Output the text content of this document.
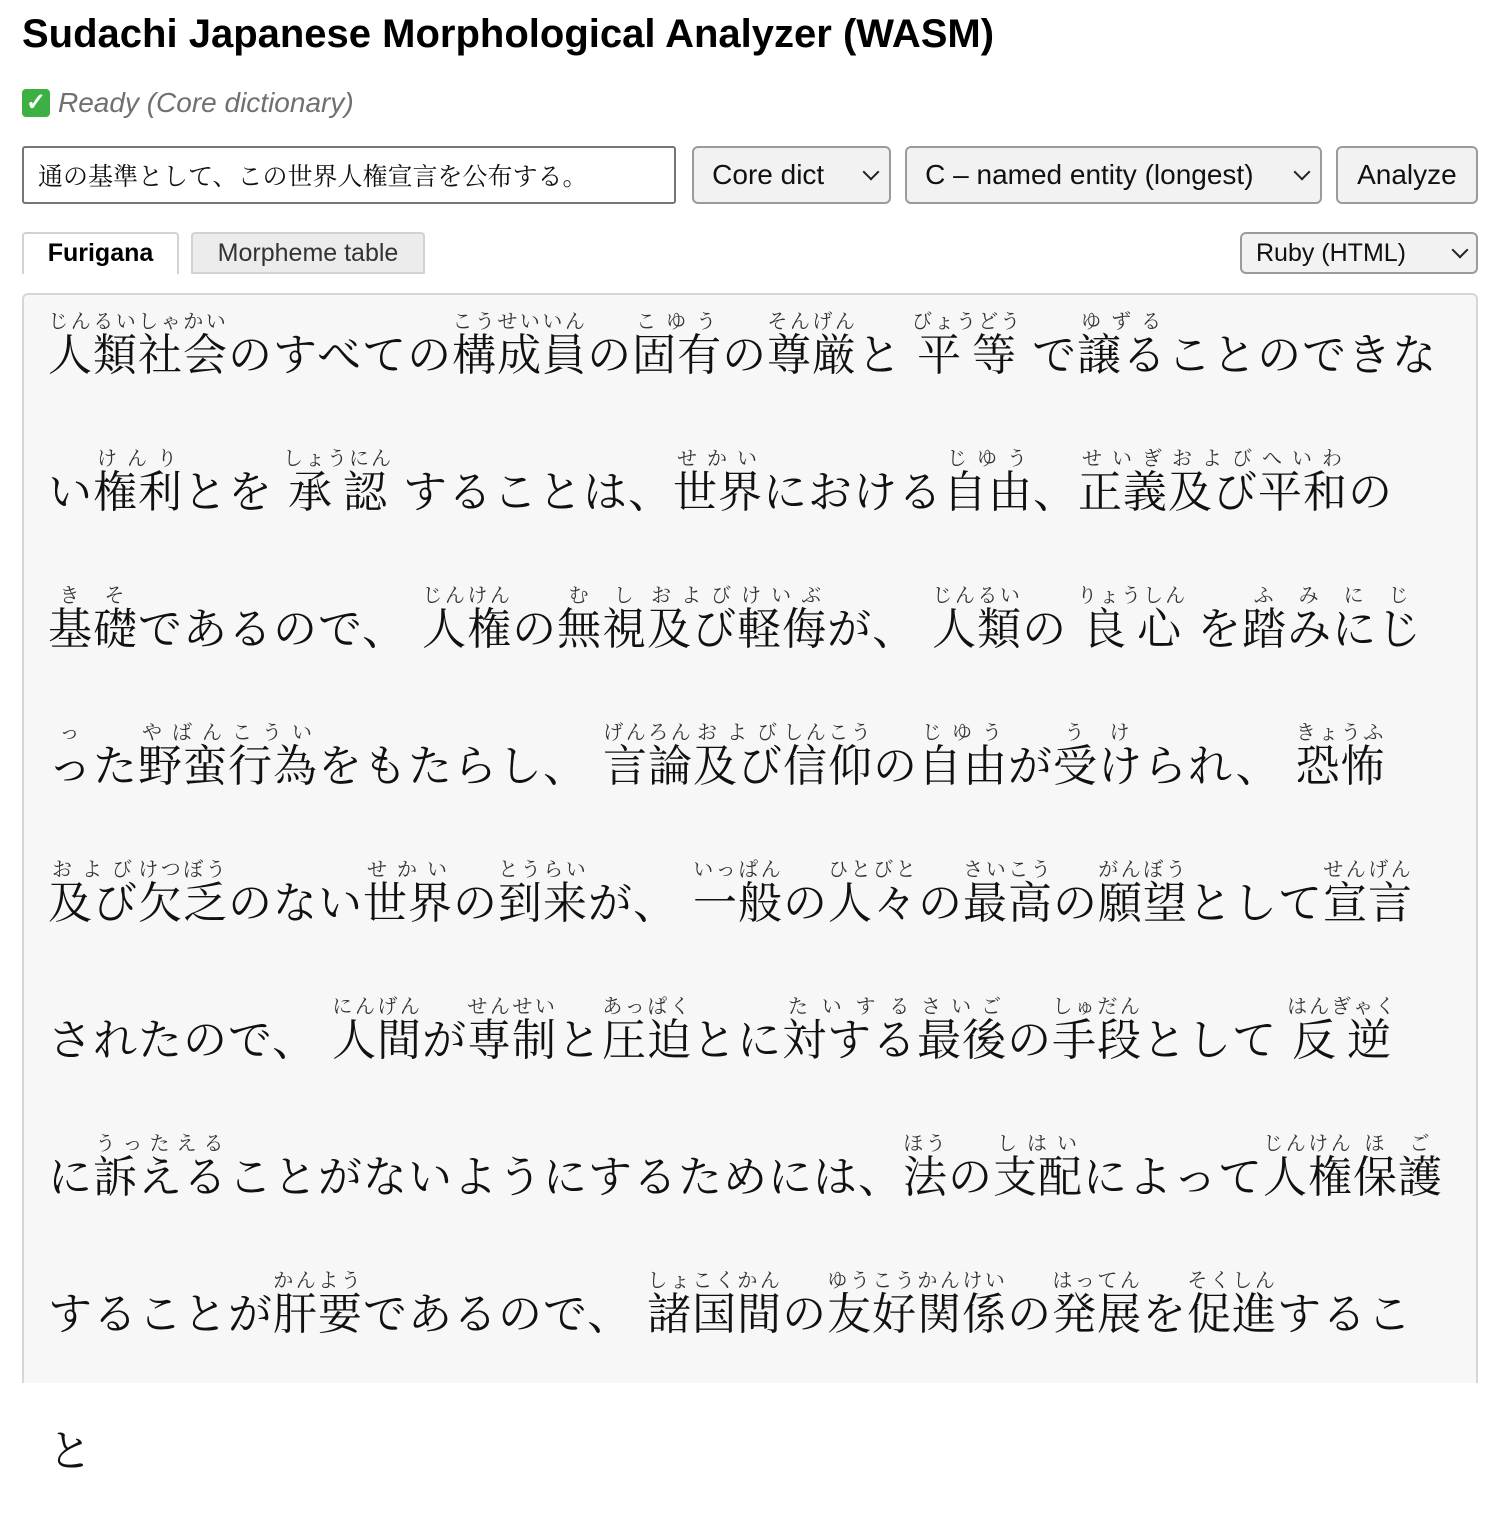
Sudachi Japanese Morphological Analyzer (WASM)
✓ Ready (Core dictionary)
通の基準として、この世界人権宣言を公布する。
Core dict	C – named entity (longest)	Analyze
Furigana	Morpheme table	Ruby (HTML)
人類社会じんるいしゃかいのすべての構成員こうせいいんの固有こゆうの尊厳そんげんと 平等びょうどう で譲るゆずることのできない権利けんりとを 承認しょうにん することは、世界せかいにおける自由じゆう、正義せいぎ及びおよび平和へいわの基礎きそであるので、 人権じんけんの無視むし及びおよび軽侮けいぶが、 人類じんるいの 良心りょうしん を踏みにじっふみにじった野蛮やばん行為こういをもたらし、 言論げんろん及びおよび信仰しんこうの自由じゆうが受けうけられ、 恐怖きょうふ及びおよび欠乏けつぼうのない世界せかいの到来とうらいが、 一般いっぱんの人々ひとびとの最高さいこうの願望がんぼうとして宣言せんげんされたので、 人間にんげんが専制せんせいと圧迫あっぱくとに対するたいする最後さいごの手段しゅだんとして 反逆はんぎゃく に訴えるうったえることがないようにするためには、法ほうの支配しはいによって人権じんけん保護ほごすることが肝要かんようであるので、 諸国間しょこくかんの友好関係ゆうこうかんけいの発展はってんを促進そくしんすること
